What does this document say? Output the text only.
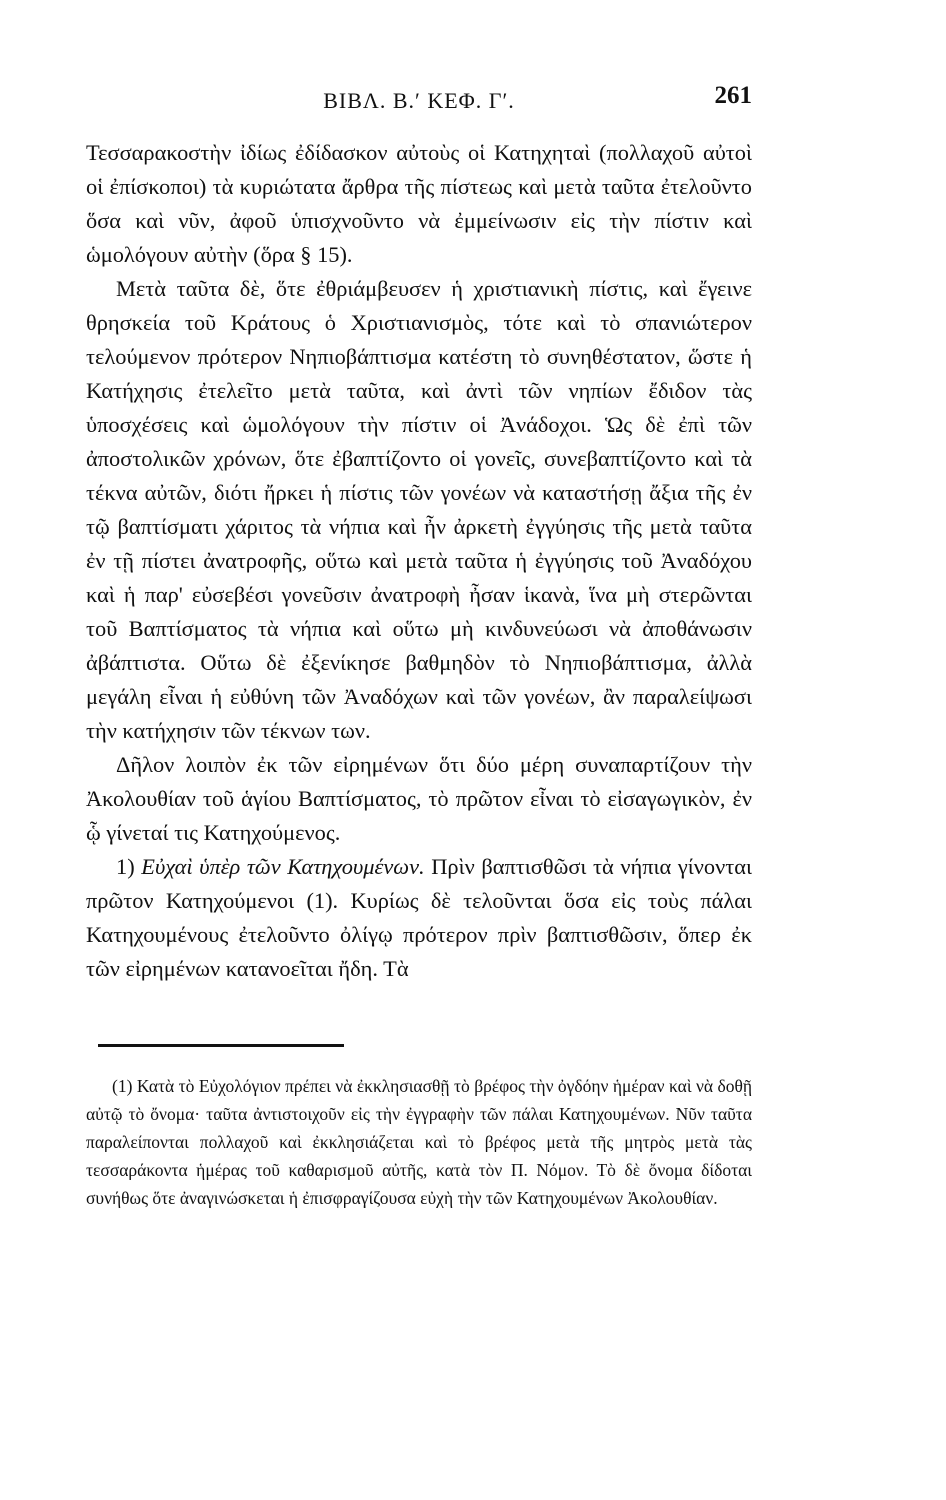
ΒΙΒΛ. Β.′ ΚΕΦ. Γ′.	261

Τεσσαρακοστὴν ἰδίως ἐδίδασκον αὐτοὺς οἱ Κατηχηταὶ (πολλαχοῦ αὐτοὶ οἱ ἐπίσκοποι) τὰ κυριώτατα ἄρθρα τῆς πίστεως καὶ μετὰ ταῦτα ἐτελοῦντο ὅσα καὶ νῦν, ἀφοῦ ὑπισχνοῦντο νὰ ἐμμείνωσιν εἰς τὴν πίστιν καὶ ὡμολόγουν αὐτὴν (ὅρα § 15).

Μετὰ ταῦτα δὲ, ὅτε ἐθριάμβευσεν ἡ χριστιανικὴ πίστις, καὶ ἔγεινε θρησκεία τοῦ Κράτους ὁ Χριστιανισμὸς, τότε καὶ τὸ σπανιώτερον τελούμενον πρότερον Νηπιοβάπτισμα κατέστη τὸ συνηθέστατον, ὥστε ἡ Κατήχησις ἐτελεῖτο μετὰ ταῦτα, καὶ ἀντὶ τῶν νηπίων ἔδιδον τὰς ὑποσχέσεις καὶ ὡμολόγουν τὴν πίστιν οἱ Ἀνάδοχοι. Ὡς δὲ ἐπὶ τῶν ἀποστολικῶν χρόνων, ὅτε ἐβαπτίζοντο οἱ γονεῖς, συνεβαπτίζοντο καὶ τὰ τέκνα αὐτῶν, διότι ἤρκει ἡ πίστις τῶν γονέων νὰ καταστήσῃ ἄξια τῆς ἐν τῷ βαπτίσματι χάριτος τὰ νήπια καὶ ἦν ἀρκετὴ ἐγγύησις τῆς μετὰ ταῦτα ἐν τῇ πίστει ἀνατροφῆς, οὕτω καὶ μετὰ ταῦτα ἡ ἐγγύησις τοῦ Ἀναδόχου καὶ ἡ παρ' εὐσεβέσι γονεῦσιν ἀνατροφὴ ἦσαν ἱκανὰ, ἵνα μὴ στερῶνται τοῦ Βαπτίσματος τὰ νήπια καὶ οὕτω μὴ κινδυνεύωσι νὰ ἀποθάνωσιν ἀβάπτιστα. Οὕτω δὲ ἐξενίκησε βαθμηδὸν τὸ Νηπιοβάπτισμα, ἀλλὰ μεγάλη εἶναι ἡ εὐθύνη τῶν Ἀναδόχων καὶ τῶν γονέων, ἂν παραλείψωσι τὴν κατήχησιν τῶν τέκνων των.

Δῆλον λοιπὸν ἐκ τῶν εἰρημένων ὅτι δύο μέρη συναπαρτίζουν τὴν Ἀκολουθίαν τοῦ ἁγίου Βαπτίσματος, τὸ πρῶτον εἶναι τὸ εἰσαγωγικὸν, ἐν ᾧ γίνεταί τις Κατηχούμενος.

1) Εὐχαὶ ὑπὲρ τῶν Κατηχουμένων. Πρὶν βαπτισθῶσι τὰ νήπια γίνονται πρῶτον Κατηχούμενοι (1). Κυρίως δὲ τελοῦνται ὅσα εἰς τοὺς πάλαι Κατηχουμένους ἐτελοῦντο ὀλίγῳ πρότερον πρὶν βαπτισθῶσιν, ὅπερ ἐκ τῶν εἰρημένων κατανοεῖται ἤδη. Τὰ

(1) Κατὰ τὸ Εὐχολόγιον πρέπει νὰ ἐκκλησιασθῇ τὸ βρέφος τὴν ὀγδόην ἡμέραν καὶ νὰ δοθῇ αὐτῷ τὸ ὄνομα· ταῦτα ἀντιστοιχοῦν εἰς τὴν ἐγγραφὴν τῶν πάλαι Κατηχουμένων. Νῦν ταῦτα παραλείπονται πολλαχοῦ καὶ ἐκκλησιάζεται καὶ τὸ βρέφος μετὰ τῆς μητρὸς μετὰ τὰς τεσσαράκοντα ἡμέρας τοῦ καθαρισμοῦ αὐτῆς, κατὰ τὸν Π. Νόμον. Τὸ δὲ ὄνομα δίδοται συνήθως ὅτε ἀναγινώσκεται ἡ ἐπισφραγίζουσα εὐχὴ τὴν τῶν Κατηχουμένων Ἀκολουθίαν.
